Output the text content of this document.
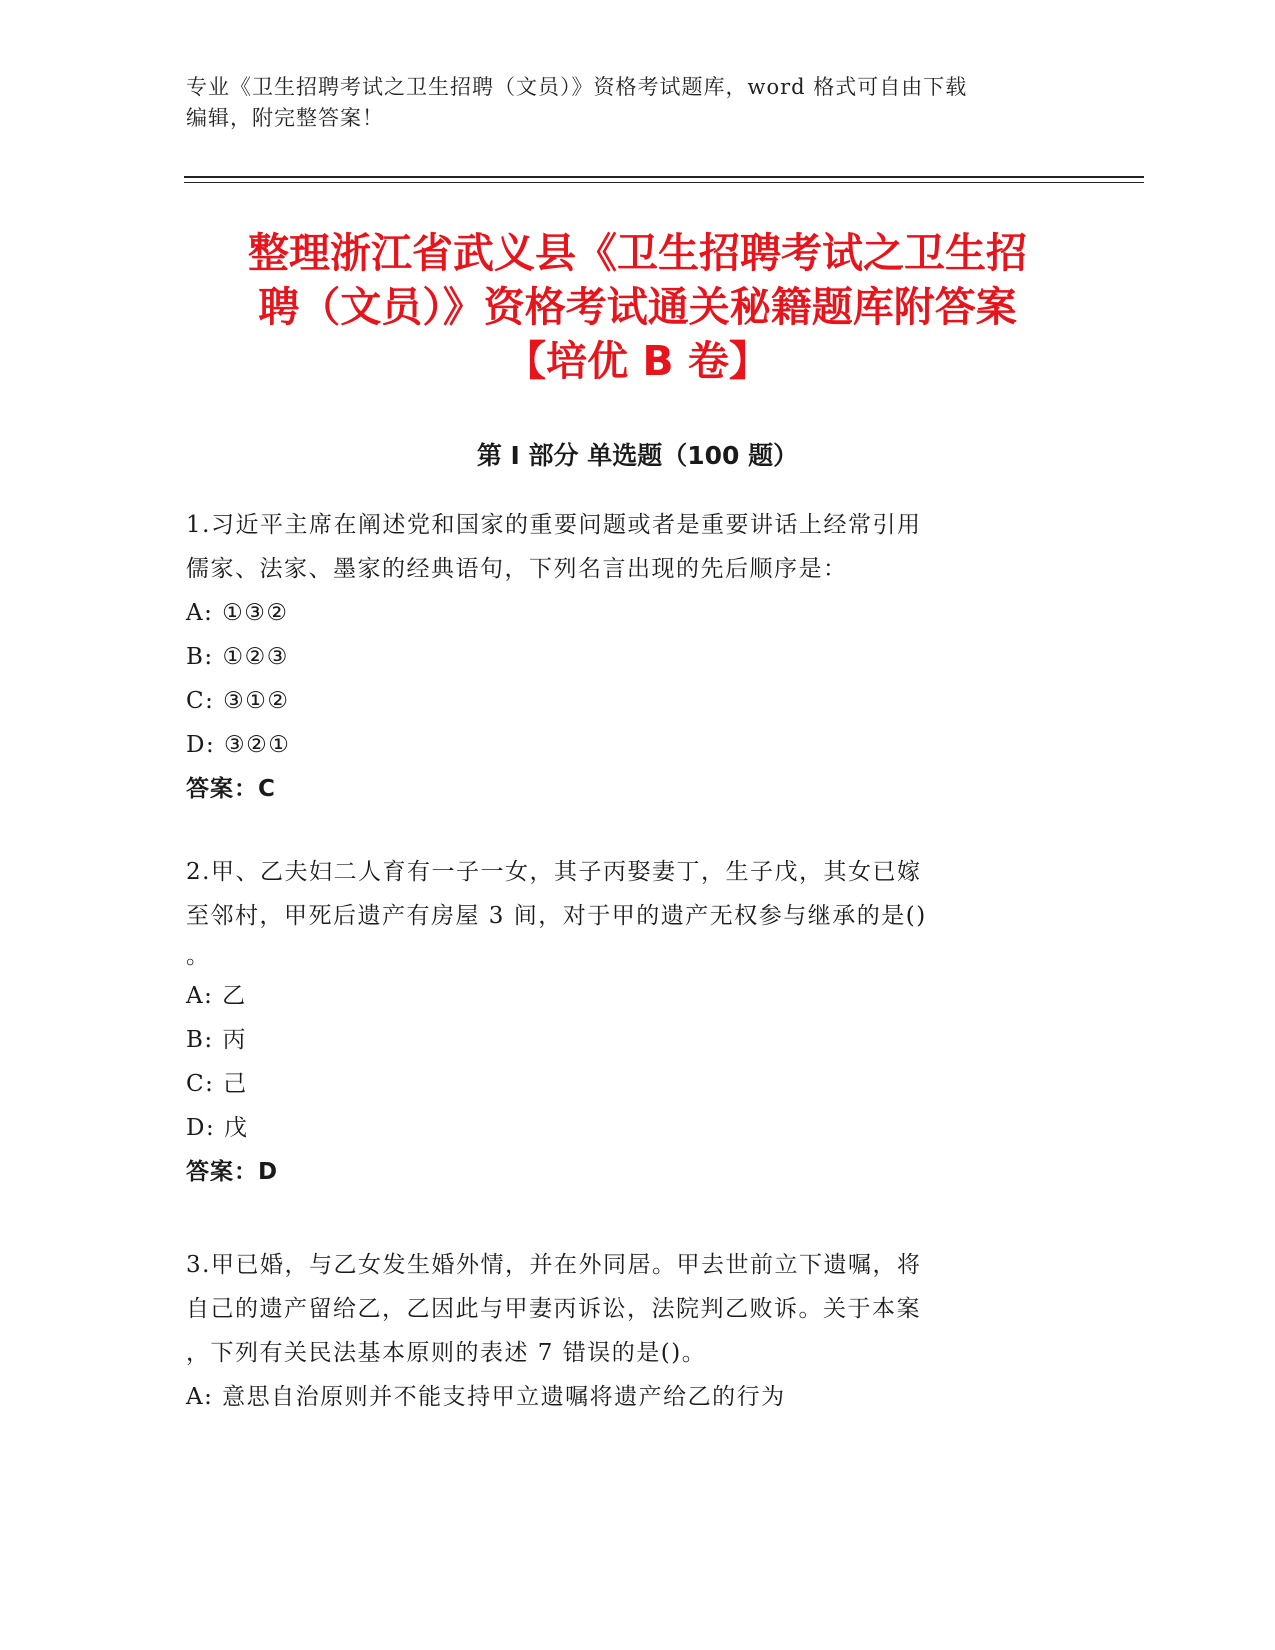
专业《卫生招聘考试之卫生招聘（文员）》资格考试题库，word 格式可自由下载
编辑，附完整答案！
整理浙江省武义县《卫生招聘考试之卫生招
聘（文员）》资格考试通关秘籍题库附答案
【培优 B 卷】
第 I 部分 单选题（100 题）
1.习近平主席在阐述党和国家的重要问题或者是重要讲话上经常引用
儒家、法家、墨家的经典语句，下列名言出现的先后顺序是：
A: ①③②
B: ①②③
C: ③①②
D: ③②①
答案：C
2.甲、乙夫妇二人育有一子一女，其子丙娶妻丁，生子戊，其女已嫁
至邻村，甲死后遗产有房屋 3 间，对于甲的遗产无权参与继承的是()
。
A: 乙
B: 丙
C: 己
D: 戊
答案：D
3.甲已婚，与乙女发生婚外情，并在外同居。甲去世前立下遗嘱，将
自己的遗产留给乙，乙因此与甲妻丙诉讼，法院判乙败诉。关于本案
，下列有关民法基本原则的表述 7 错误的是()。
A: 意思自治原则并不能支持甲立遗嘱将遗产给乙的行为
